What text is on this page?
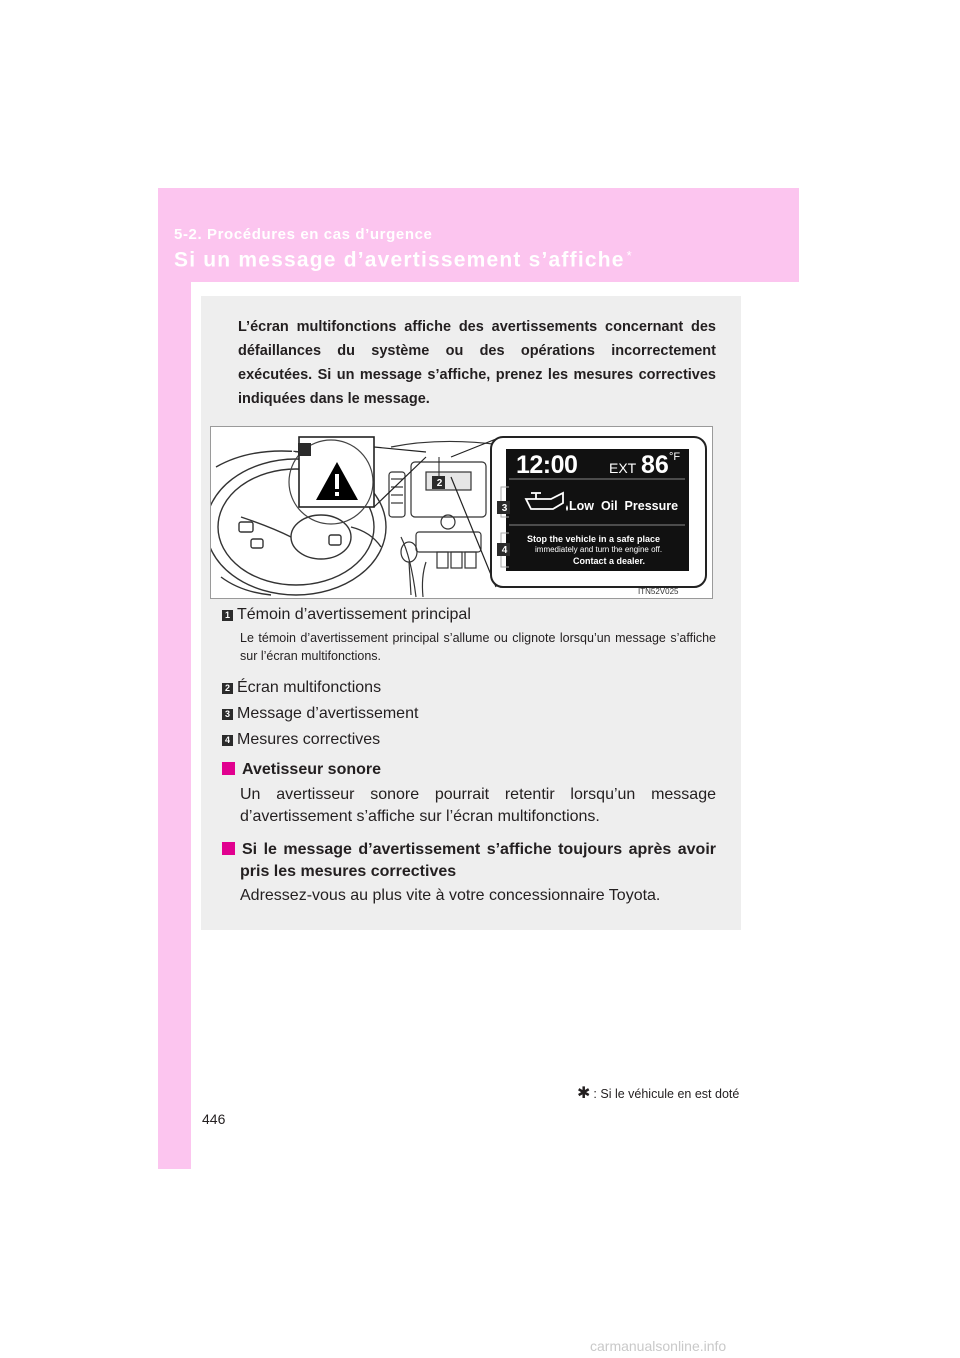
5-2. Procédures en cas d’urgence
Si un message d’avertissement s’affiche *
L’écran multifonctions affiche des avertissements concernant des défaillances du système ou des opérations incorrectement exécutées. Si un message s’affiche, prenez les mesures correctives indiquées dans le message.
1
2
3
4
12:00 EXT 86 °F
Low  Oil  Pressure
Stop the vehicle in a safe place
immediately and turn the engine off.
Contact a dealer.
ITN52V025
1 Témoin d’avertissement principal
Le témoin d’avertissement principal s’allume ou clignote lorsqu’un message s’affiche sur l’écran multifonctions.
2 Écran multifonctions
3 Message d’avertissement
4 Mesures correctives
Avetisseur sonore
Un avertisseur sonore pourrait retentir lorsqu’un message d’avertissement s’affiche sur l’écran multifonctions.
Si le message d’avertissement s’affiche toujours après avoir pris les mesures correctives
Adressez-vous au plus vite à votre concessionnaire Toyota.
✱ : Si le véhicule en est doté
446
carmanualsonline.info
